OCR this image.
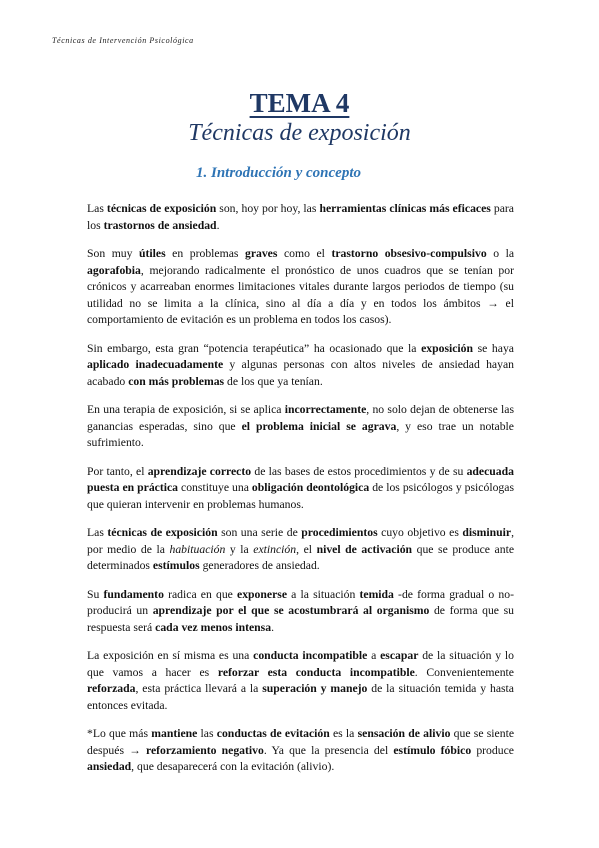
Técnicas de Intervención Psicológica
TEMA 4
Técnicas de exposición
1. Introducción y concepto

Las técnicas de exposición son, hoy por hoy, las herramientas clínicas más eficaces para los trastornos de ansiedad.

Son muy útiles en problemas graves como el trastorno obsesivo-compulsivo o la agorafobia, mejorando radicalmente el pronóstico de unos cuadros que se tenían por crónicos y acarreaban enormes limitaciones vitales durante largos periodos de tiempo (su utilidad no se limita a la clínica, sino al día a día y en todos los ámbitos → el comportamiento de evitación es un problema en todos los casos).

Sin embargo, esta gran “potencia terapéutica” ha ocasionado que la exposición se haya aplicado inadecuadamente y algunas personas con altos niveles de ansiedad hayan acabado con más problemas de los que ya tenían.

En una terapia de exposición, si se aplica incorrectamente, no solo dejan de obtenerse las ganancias esperadas, sino que el problema inicial se agrava, y eso trae un notable sufrimiento.

Por tanto, el aprendizaje correcto de las bases de estos procedimientos y de su adecuada puesta en práctica constituye una obligación deontológica de los psicólogos y psicólogas que quieran intervenir en problemas humanos.

Las técnicas de exposición son una serie de procedimientos cuyo objetivo es disminuir, por medio de la habituación y la extinción, el nivel de activación que se produce ante determinados estímulos generadores de ansiedad.

Su fundamento radica en que exponerse a la situación temida -de forma gradual o no- producirá un aprendizaje por el que se acostumbrará al organismo de forma que su respuesta será cada vez menos intensa.

La exposición en sí misma es una conducta incompatible a escapar de la situación y lo que vamos a hacer es reforzar esta conducta incompatible. Convenientemente reforzada, esta práctica llevará a la superación y manejo de la situación temida y hasta entonces evitada.

*Lo que más mantiene las conductas de evitación es la sensación de alivio que se siente después → reforzamiento negativo. Ya que la presencia del estímulo fóbico produce ansiedad, que desaparecerá con la evitación (alivio).
